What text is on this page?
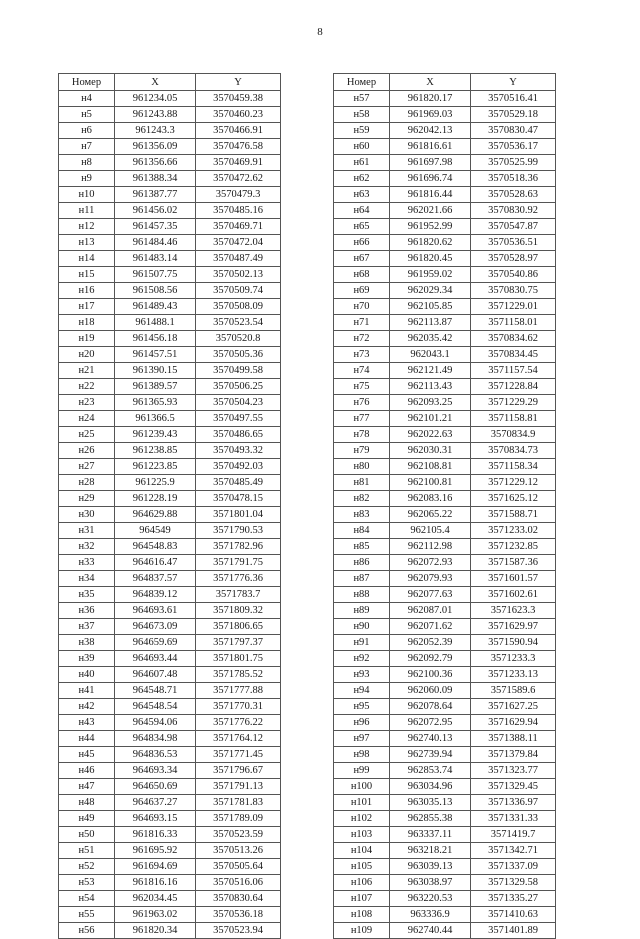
8
Номер	X	Y
н4	961234.05	3570459.38
н5	961243.88	3570460.23
н6	961243.3	3570466.91
н7	961356.09	3570476.58
н8	961356.66	3570469.91
н9	961388.34	3570472.62
н10	961387.77	3570479.3
н11	961456.02	3570485.16
н12	961457.35	3570469.71
н13	961484.46	3570472.04
н14	961483.14	3570487.49
н15	961507.75	3570502.13
н16	961508.56	3570509.74
н17	961489.43	3570508.09
н18	961488.1	3570523.54
н19	961456.18	3570520.8
н20	961457.51	3570505.36
н21	961390.15	3570499.58
н22	961389.57	3570506.25
н23	961365.93	3570504.23
н24	961366.5	3570497.55
н25	961239.43	3570486.65
н26	961238.85	3570493.32
н27	961223.85	3570492.03
н28	961225.9	3570485.49
н29	961228.19	3570478.15
н30	964629.88	3571801.04
н31	964549	3571790.53
н32	964548.83	3571782.96
н33	964616.47	3571791.75
н34	964837.57	3571776.36
н35	964839.12	3571783.7
н36	964693.61	3571809.32
н37	964673.09	3571806.65
н38	964659.69	3571797.37
н39	964693.44	3571801.75
н40	964607.48	3571785.52
н41	964548.71	3571777.88
н42	964548.54	3571770.31
н43	964594.06	3571776.22
н44	964834.98	3571764.12
н45	964836.53	3571771.45
н46	964693.34	3571796.67
н47	964650.69	3571791.13
н48	964637.27	3571781.83
н49	964693.15	3571789.09
н50	961816.33	3570523.59
н51	961695.92	3570513.26
н52	961694.69	3570505.64
н53	961816.16	3570516.06
н54	962034.45	3570830.64
н55	961963.02	3570536.18
н56	961820.34	3570523.94
Номер	X	Y
н57	961820.17	3570516.41
н58	961969.03	3570529.18
н59	962042.13	3570830.47
н60	961816.61	3570536.17
н61	961697.98	3570525.99
н62	961696.74	3570518.36
н63	961816.44	3570528.63
н64	962021.66	3570830.92
н65	961952.99	3570547.87
н66	961820.62	3570536.51
н67	961820.45	3570528.97
н68	961959.02	3570540.86
н69	962029.34	3570830.75
н70	962105.85	3571229.01
н71	962113.87	3571158.01
н72	962035.42	3570834.62
н73	962043.1	3570834.45
н74	962121.49	3571157.54
н75	962113.43	3571228.84
н76	962093.25	3571229.29
н77	962101.21	3571158.81
н78	962022.63	3570834.9
н79	962030.31	3570834.73
н80	962108.81	3571158.34
н81	962100.81	3571229.12
н82	962083.16	3571625.12
н83	962065.22	3571588.71
н84	962105.4	3571233.02
н85	962112.98	3571232.85
н86	962072.93	3571587.36
н87	962079.93	3571601.57
н88	962077.63	3571602.61
н89	962087.01	3571623.3
н90	962071.62	3571629.97
н91	962052.39	3571590.94
н92	962092.79	3571233.3
н93	962100.36	3571233.13
н94	962060.09	3571589.6
н95	962078.64	3571627.25
н96	962072.95	3571629.94
н97	962740.13	3571388.11
н98	962739.94	3571379.84
н99	962853.74	3571323.77
н100	963034.96	3571329.45
н101	963035.13	3571336.97
н102	962855.38	3571331.33
н103	963337.11	3571419.7
н104	963218.21	3571342.71
н105	963039.13	3571337.09
н106	963038.97	3571329.58
н107	963220.53	3571335.27
н108	963336.9	3571410.63
н109	962740.44	3571401.89
